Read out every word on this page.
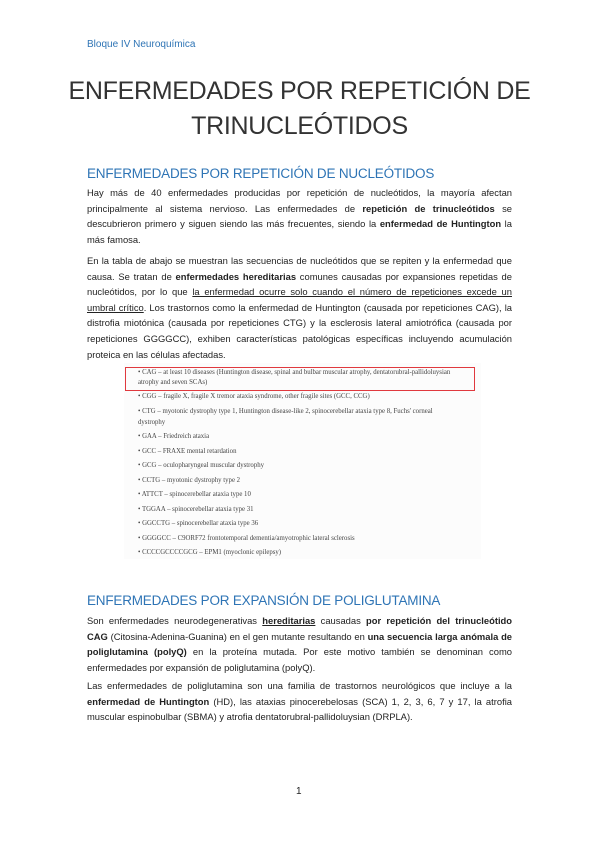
Bloque IV Neuroquímica
ENFERMEDADES POR REPETICIÓN DE
TRINUCLEÓTIDOS
ENFERMEDADES POR REPETICIÓN DE NUCLEÓTIDOS
Hay más de 40 enfermedades producidas por repetición de nucleótidos, la mayoría afectan principalmente al sistema nervioso. Las enfermedades de repetición de trinucleótidos se descubrieron primero y siguen siendo las más frecuentes, siendo la enfermedad de Huntington la más famosa.
En la tabla de abajo se muestran las secuencias de nucleótidos que se repiten y la enfermedad que causa. Se tratan de enfermedades hereditarias comunes causadas por expansiones repetidas de nucleótidos, por lo que la enfermedad ocurre solo cuando el número de repeticiones excede un umbral crítico. Los trastornos como la enfermedad de Huntington (causada por repeticiones CAG), la distrofia miotónica (causada por repeticiones CTG) y la esclerosis lateral amiotrófica (causada por repeticiones GGGGCC), exhiben características patológicas específicas incluyendo acumulación proteica en las células afectadas.
• CAG – at least 10 diseases (Huntington disease, spinal and bulbar muscular atrophy, dentatorubral-pallidoluysian
atrophy and seven SCAs)
• CGG – fragile X, fragile X tremor ataxia syndrome, other fragile sites (GCC, CCG)
• CTG – myotonic dystrophy type 1, Huntington disease-like 2, spinocerebellar ataxia type 8, Fuchs' corneal
dystrophy
• GAA – Friedreich ataxia
• GCC – FRAXE mental retardation
• GCG – oculopharyngeal muscular dystrophy
• CCTG – myotonic dystrophy type 2
• ATTCT – spinocerebellar ataxia type 10
• TGGAA – spinocerebellar ataxia type 31
• GGCCTG – spinocerebellar ataxia type 36
• GGGGCC – C9ORF72 frontotemporal dementia/amyotrophic lateral sclerosis
• CCCCGCCCCGCG – EPM1 (myoclonic epilepsy)
ENFERMEDADES POR EXPANSIÓN DE POLIGLUTAMINA
Son enfermedades neurodegenerativas hereditarias causadas por repetición del trinucleótido CAG (Citosina-Adenina-Guanina) en el gen mutante resultando en una secuencia larga anómala de poliglutamina (polyQ) en la proteína mutada. Por este motivo también se denominan como enfermedades por expansión de poliglutamina (polyQ).
Las enfermedades de poliglutamina son una familia de trastornos neurológicos que incluye a la enfermedad de Huntington (HD), las ataxias pinocerebelosas (SCA) 1, 2, 3, 6, 7 y 17, la atrofia muscular espinobulbar (SBMA) y atrofia dentatorubral-pallidoluysian (DRPLA).
1
